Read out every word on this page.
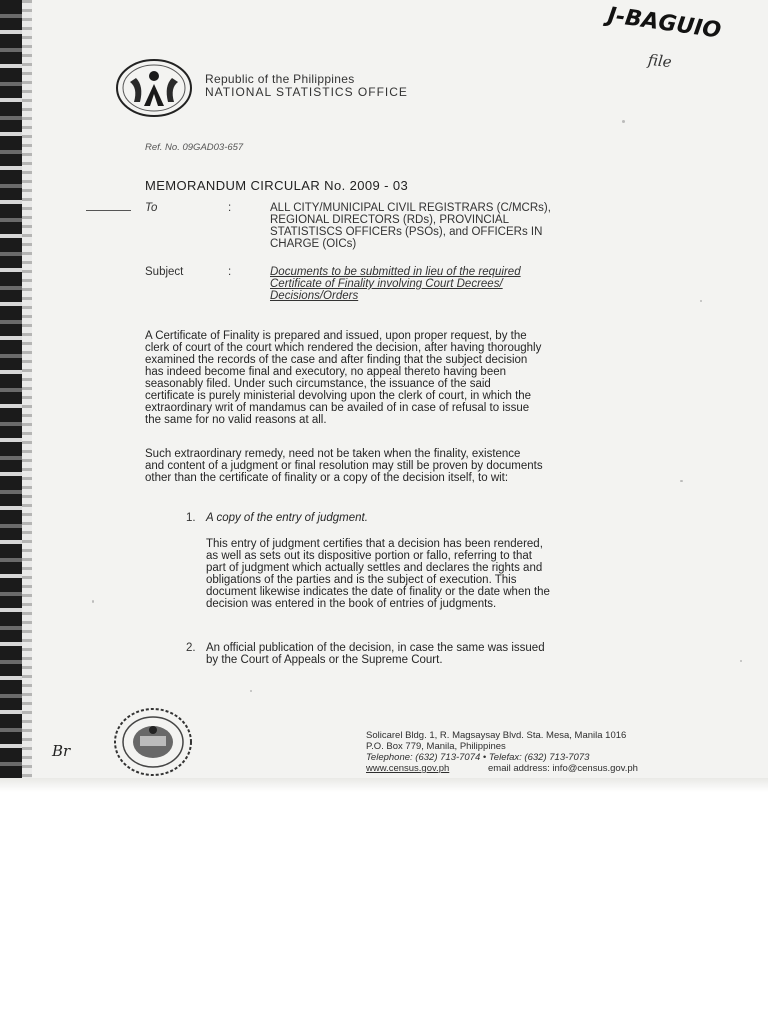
J-BAGUIO
file
Republic of the Philippines
NATIONAL STATISTICS OFFICE
Ref. No. 09GAD03-657
MEMORANDUM CIRCULAR No. 2009 - 03
To	:	ALL CITY/MUNICIPAL CIVIL REGISTRARS (C/MCRs),
REGIONAL DIRECTORS (RDs), PROVINCIAL
STATISTISCS OFFICERs (PSOs), and OFFICERs IN
CHARGE (OICs)
Subject	:	Documents to be submitted in lieu of the required
Certificate of Finality involving Court Decrees/
Decisions/Orders
A Certificate of Finality is prepared and issued, upon proper request, by the
clerk of court of the court which rendered the decision, after having thoroughly
examined the records of the case and after finding that the subject decision
has indeed become final and executory, no appeal thereto having been
seasonably filed. Under such circumstance, the issuance of the said
certificate is purely ministerial devolving upon the clerk of court, in which the
extraordinary writ of mandamus can be availed of in case of refusal to issue
the same for no valid reasons at all.
Such extraordinary remedy, need not be taken when the finality, existence
and content of a judgment or final resolution may still be proven by documents
other than the certificate of finality or a copy of the decision itself, to wit:
1. A copy of the entry of judgment.
This entry of judgment certifies that a decision has been rendered,
as well as sets out its dispositive portion or fallo, referring to that
part of judgment which actually settles and declares the rights and
obligations of the parties and is the subject of execution. This
document likewise indicates the date of finality or the date when the
decision was entered in the book of entries of judgments.
2. An official publication of the decision, in case the same was issued
by the Court of Appeals or the Supreme Court.
Solicarel Bldg. 1, R. Magsaysay Blvd. Sta. Mesa, Manila 1016
P.O. Box 779, Manila, Philippines
Telephone: (632) 713-7074 • Telefax: (632) 713-7073
www.census.gov.ph	email address: info@census.gov.ph
Br
